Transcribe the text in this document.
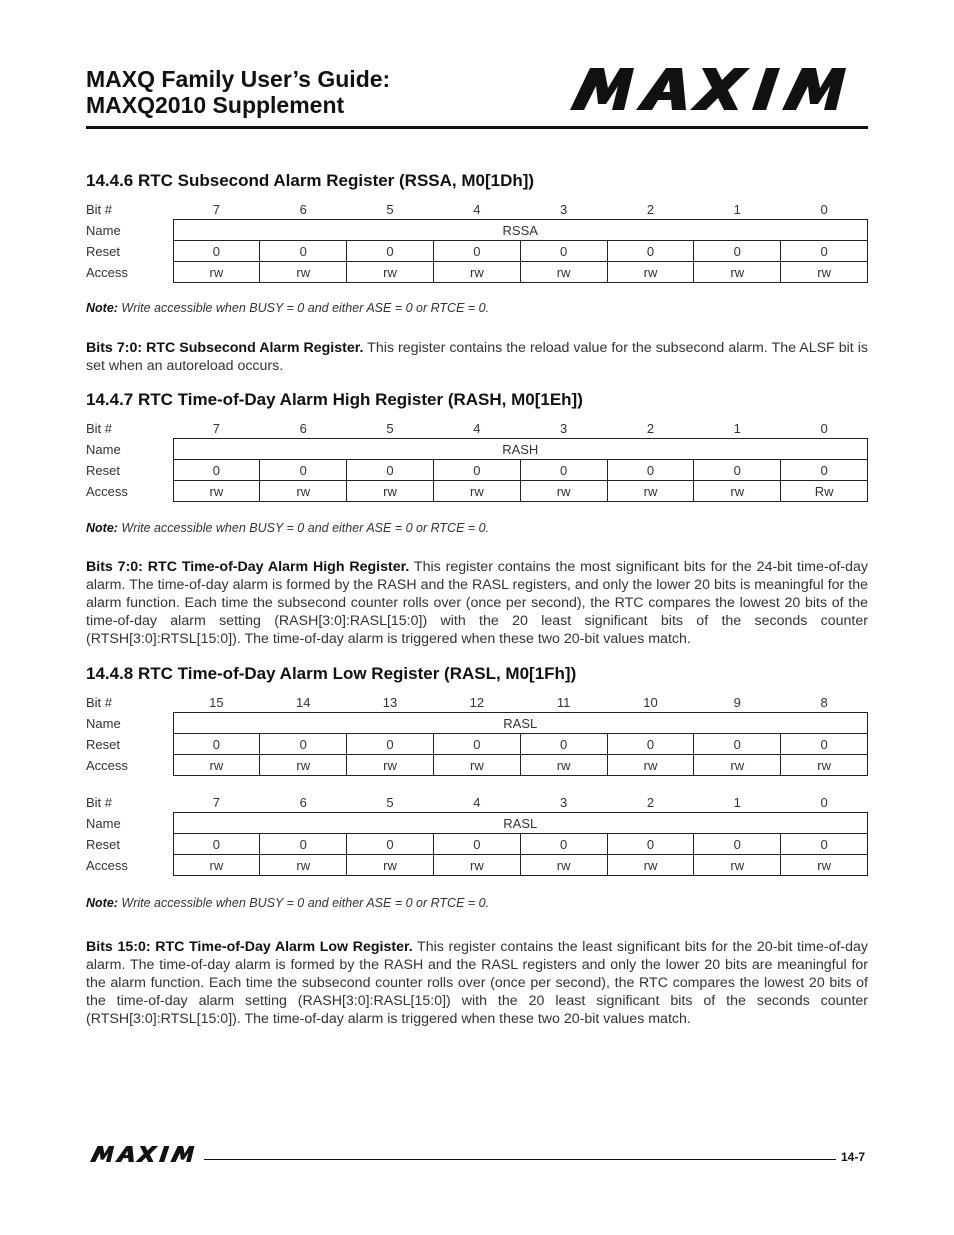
MAXQ Family User’s Guide:
MAXQ2010 Supplement
14.4.6 RTC Subsecond Alarm Register (RSSA, M0[1Dh])
Bit #	7	6	5	4	3	2	1	0
Name	RSSA							
Reset	0	0	0	0	0	0	0	0
Access	rw	rw	rw	rw	rw	rw	rw	rw

Note: Write accessible when BUSY = 0 and either ASE = 0 or RTCE = 0.

Bits 7:0: RTC Subsecond Alarm Register. This register contains the reload value for the subsecond alarm. The ALSF bit is set when an autoreload occurs.

14.4.7 RTC Time-of-Day Alarm High Register (RASH, M0[1Eh])
Bit #	7	6	5	4	3	2	1	0
Name	RASH							
Reset	0	0	0	0	0	0	0	0
Access	rw	rw	rw	rw	rw	rw	rw	Rw

Note: Write accessible when BUSY = 0 and either ASE = 0 or RTCE = 0.

Bits 7:0: RTC Time-of-Day Alarm High Register. This register contains the most significant bits for the 24-bit time-of-day alarm. The time-of-day alarm is formed by the RASH and the RASL registers, and only the lower 20 bits is meaningful for the alarm function. Each time the subsecond counter rolls over (once per second), the RTC compares the lowest 20 bits of the time-of-day alarm setting (RASH[3:0]:RASL[15:0]) with the 20 least significant bits of the seconds counter (RTSH[3:0]:RTSL[15:0]). The time-of-day alarm is triggered when these two 20-bit values match.

14.4.8 RTC Time-of-Day Alarm Low Register (RASL, M0[1Fh])
Bit #	15	14	13	12	11	10	9	8
Name	RASL							
Reset	0	0	0	0	0	0	0	0
Access	rw	rw	rw	rw	rw	rw	rw	rw
Bit #	7	6	5	4	3	2	1	0
Name	RASL							
Reset	0	0	0	0	0	0	0	0
Access	rw	rw	rw	rw	rw	rw	rw	rw

Note: Write accessible when BUSY = 0 and either ASE = 0 or RTCE = 0.

Bits 15:0: RTC Time-of-Day Alarm Low Register. This register contains the least significant bits for the 20-bit time-of-day alarm. The time-of-day alarm is formed by the RASH and the RASL registers and only the lower 20 bits are meaningful for the alarm function. Each time the subsecond counter rolls over (once per second), the RTC compares the lowest 20 bits of the time-of-day alarm setting (RASH[3:0]:RASL[15:0]) with the 20 least significant bits of the seconds counter (RTSH[3:0]:RTSL[15:0]). The time-of-day alarm is triggered when these two 20-bit values match.

14-7
